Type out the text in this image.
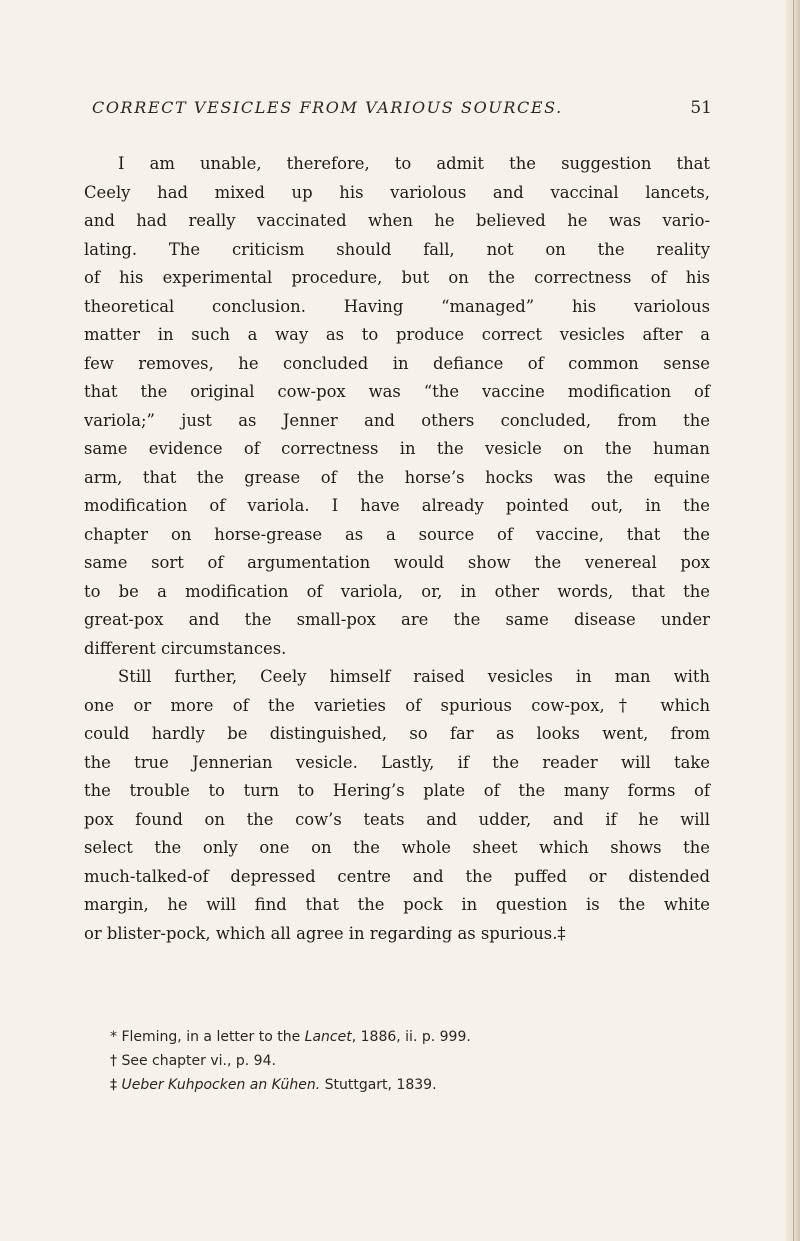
CORRECT VESICLES FROM VARIOUS SOURCES.	51
I am unable, therefore, to admit the suggestion that
Ceely had mixed up his variolous and vaccinal lancets,
and had really vaccinated when he believed he was vario-
lating. The criticism should fall, not on the reality
of his experimental procedure, but on the correctness of his
theoretical conclusion. Having “managed” his variolous
matter in such a way as to produce correct vesicles after a
few removes, he concluded in defiance of common sense
that the original cow-pox was “the vaccine modification of
variola;” just as Jenner and others concluded, from the
same evidence of correctness in the vesicle on the human
arm, that the grease of the horse’s hocks was the equine
modification of variola. I have already pointed out, in the
chapter on horse-grease as a source of vaccine, that the
same sort of argumentation would show the venereal pox
to be a modification of variola, or, in other words, that the
great-pox and the small-pox are the same disease under
different circumstances.
Still further, Ceely himself raised vesicles in man with
one or more of the varieties of spurious cow-pox,† which
could hardly be distinguished, so far as looks went, from
the true Jennerian vesicle. Lastly, if the reader will take
the trouble to turn to Hering’s plate of the many forms of
pox found on the cow’s teats and udder, and if he will
select the only one on the whole sheet which shows the
much-talked-of depressed centre and the puffed or distended
margin, he will find that the pock in question is the white
or blister-pock, which all agree in regarding as spurious.‡
* Fleming, in a letter to the Lancet, 1886, ii. p. 999.
† See chapter vi., p. 94.
‡ Ueber Kuhpocken an Kühen. Stuttgart, 1839.
